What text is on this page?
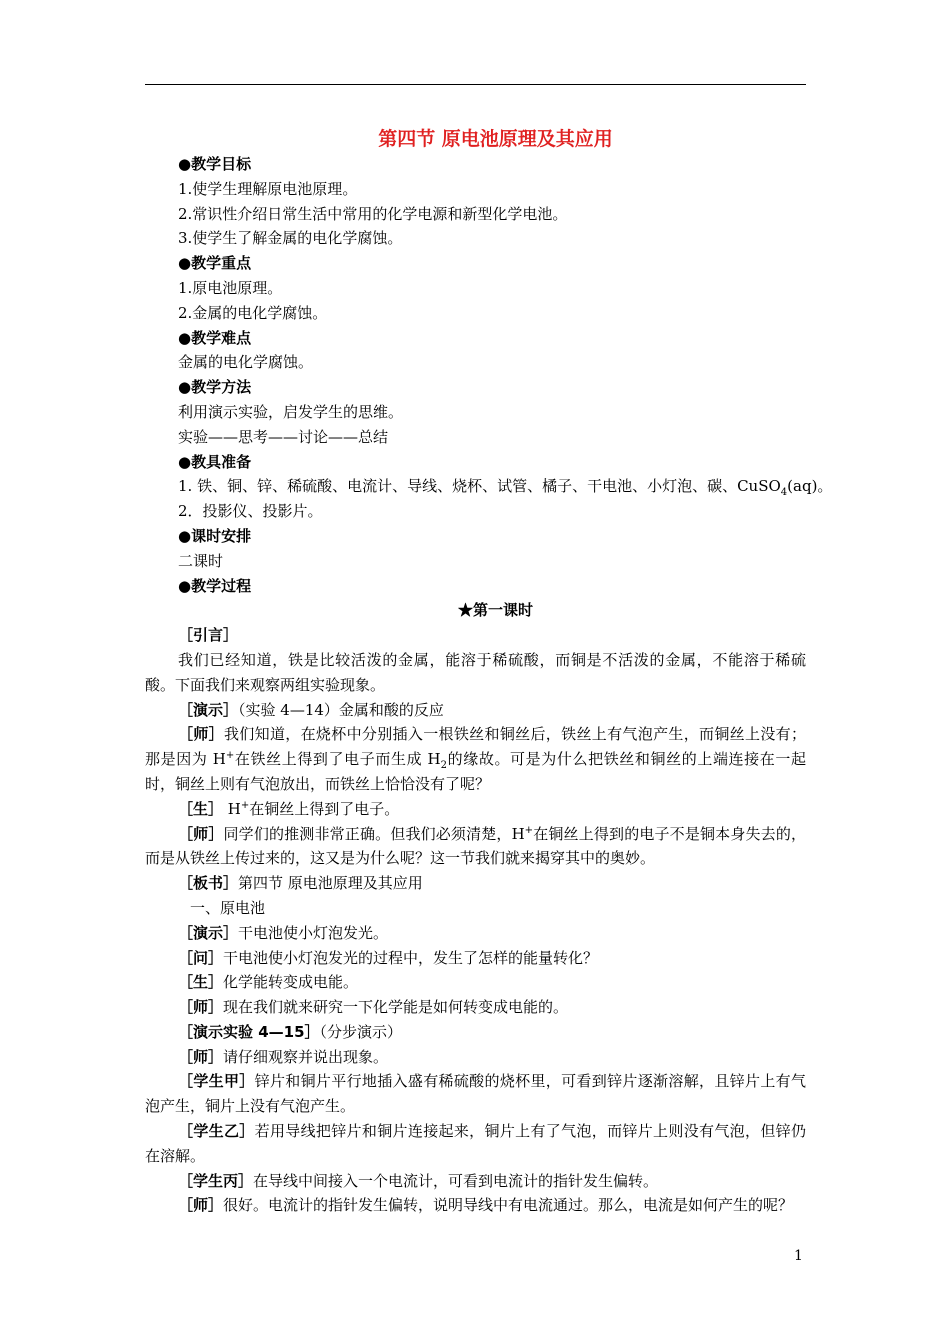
第四节 原电池原理及其应用

●教学目标

1.使学生理解原电池原理。

2.常识性介绍日常生活中常用的化学电源和新型化学电池。

3.使学生了解金属的电化学腐蚀。

●教学重点

1.原电池原理。

2.金属的电化学腐蚀。

●教学难点

金属的电化学腐蚀。

●教学方法

利用演示实验，启发学生的思维。

实验——思考——讨论——总结

●教具准备

1. 铁、铜、锌、稀硫酸、电流计、导线、烧杯、试管、橘子、干电池、小灯泡、碳、CuSO$_4$(aq)。

2．投影仪、投影片。

●课时安排

二课时

●教学过程

★第一课时

［引言］

我们已经知道，铁是比较活泼的金属，能溶于稀硫酸，而铜是不活泼的金属，不能溶于稀硫酸。下面我们来观察两组实验现象。

［演示］（实验 4—14）金属和酸的反应

［师］我们知道，在烧杯中分别插入一根铁丝和铜丝后，铁丝上有气泡产生，而铜丝上没有；那是因为 H+在铁丝上得到了电子而生成 $H_2$的缘故。可是为什么把铁丝和铜丝的上端连接在一起时，铜丝上则有气泡放出，而铁丝上恰恰没有了呢？

［生］ H+在铜丝上得到了电子。

［师］同学们的推测非常正确。但我们必须清楚，H+在铜丝上得到的电子不是铜本身失去的，而是从铁丝上传过来的，这又是为什么呢？这一节我们就来揭穿其中的奥妙。

［板书］第四节 原电池原理及其应用

一、原电池

［演示］干电池使小灯泡发光。

［问］干电池使小灯泡发光的过程中，发生了怎样的能量转化？

［生］化学能转变成电能。

［师］现在我们就来研究一下化学能是如何转变成电能的。

［演示实验 4—15］（分步演示）

［师］请仔细观察并说出现象。

［学生甲］锌片和铜片平行地插入盛有稀硫酸的烧杯里，可看到锌片逐渐溶解，且锌片上有气泡产生，铜片上没有气泡产生。

［学生乙］若用导线把锌片和铜片连接起来，铜片上有了气泡，而锌片上则没有气泡，但锌仍在溶解。

［学生丙］在导线中间接入一个电流计，可看到电流计的指针发生偏转。

［师］很好。电流计的指针发生偏转，说明导线中有电流通过。那么，电流是如何产生的呢？

1
